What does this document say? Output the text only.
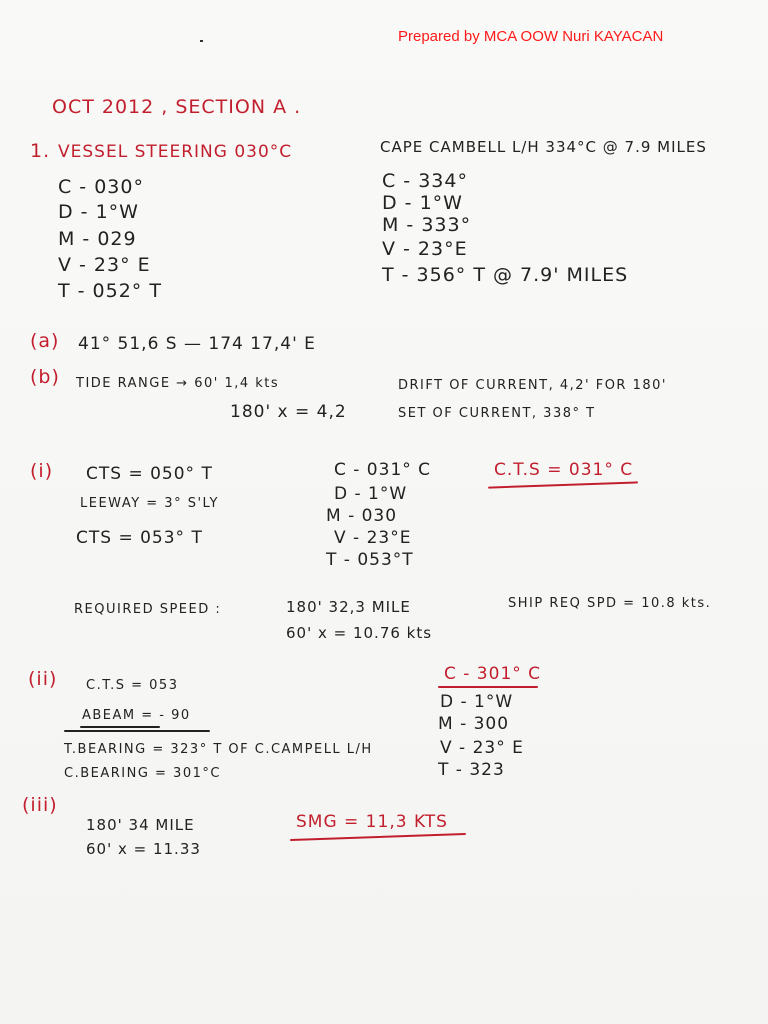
Prepared by MCA OOW Nuri KAYACAN
OCT 2012 , SECTION A .
1. VESSEL STEERING 030°C
C - 030°
D - 1°W
M - 029
V - 23° E
T - 052° T
CAPE CAMBELL L/H 334°C @ 7.9 MILES
C - 334°
D - 1°W
M - 333°
V - 23°E
T - 356° T @ 7.9' MILES
(a) 41° 51,6 S — 174 17,4' E
(b) TIDE RANGE → 60' 1,4 kts
180' x = 4,2
DRIFT OF CURRENT, 4,2' FOR 180'
SET OF CURRENT, 338° T
(i) CTS = 050° T
LEEWAY = 3° S'LY
CTS = 053° T
C - 031° C
D - 1°W
M - 030
V - 23°E
T - 053°T
C.T.S = 031° C
REQUIRED SPEED :	180' 32,3 MILE
60' x = 10.76 kts
SHIP REQ SPD = 10.8 kts.
(ii) C.T.S = 053
ABEAM = - 90
T.BEARING = 323° T OF C.CAMPELL L/H
C.BEARING = 301°C
C - 301° C
D - 1°W
M - 300
V - 23° E
T - 323
(iii)
180' 34 MILE
60' x = 11.33
SMG = 11,3 KTS
